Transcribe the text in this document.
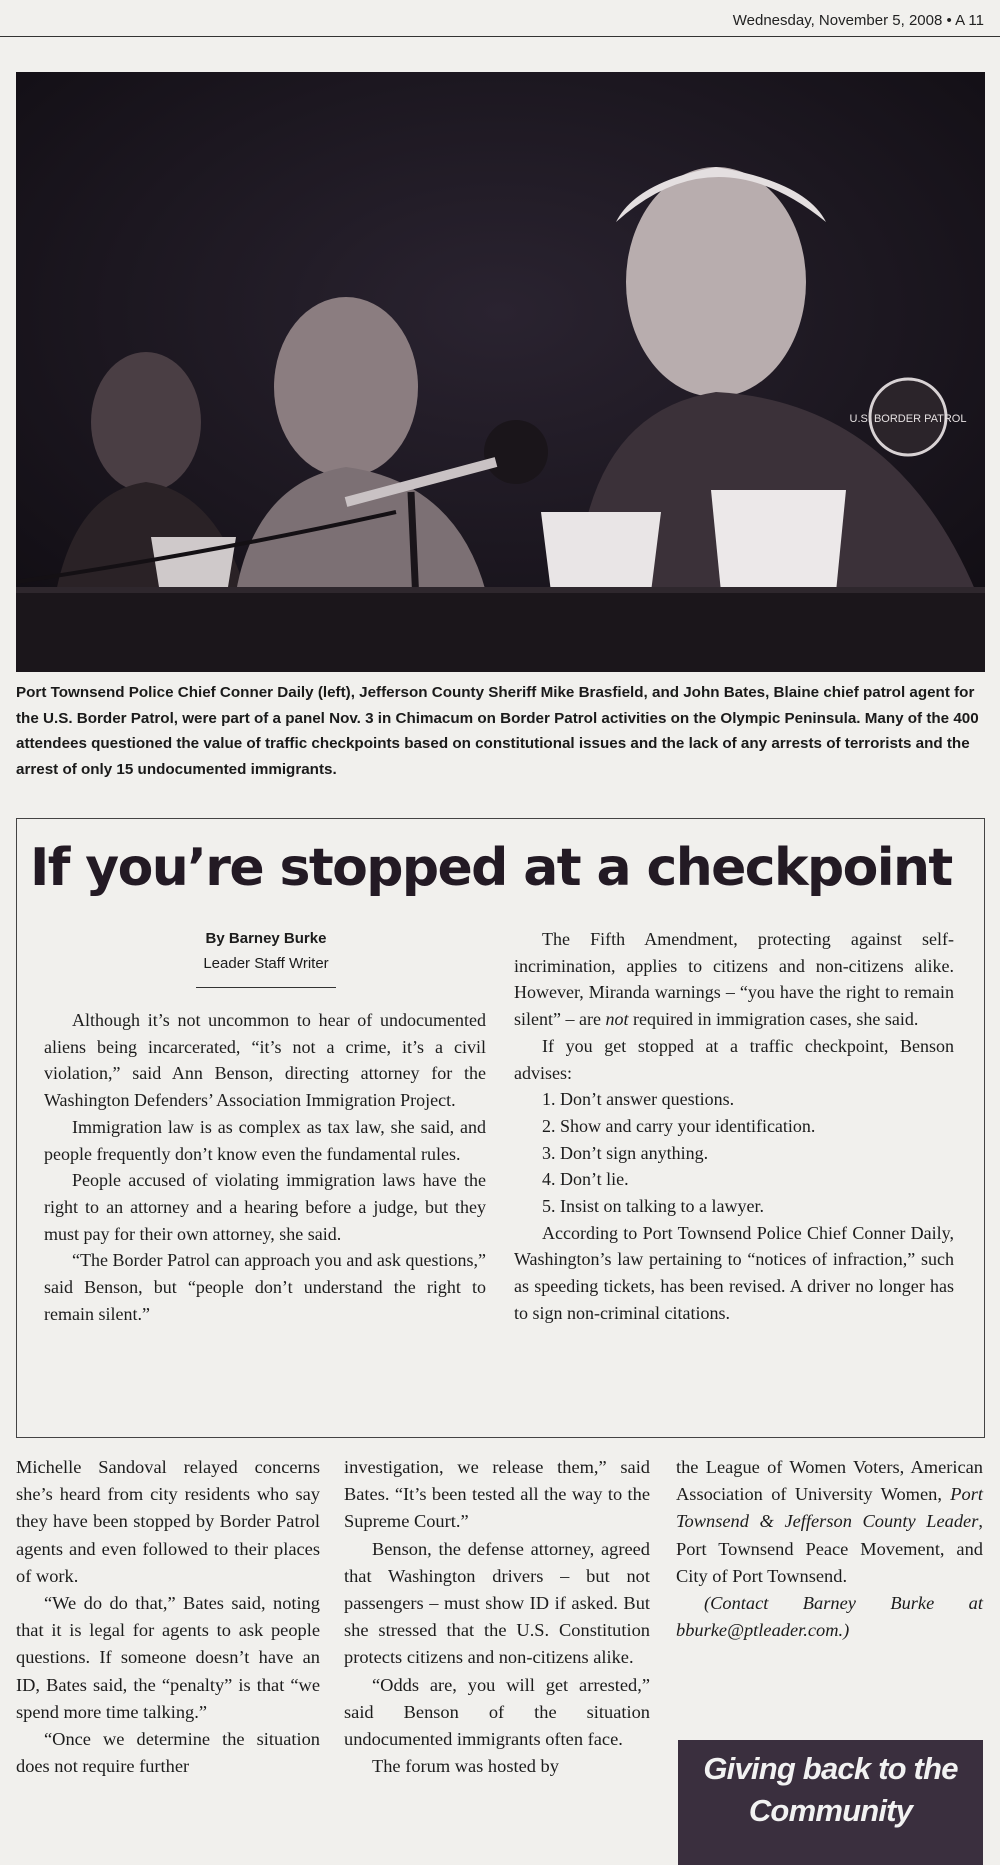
Wednesday, November 5, 2008 • A 11
U.S. BORDER PATROL
Port Townsend Police Chief Conner Daily (left), Jefferson County Sheriff Mike Brasfield, and John Bates, Blaine chief patrol agent for the U.S. Border Patrol, were part of a panel Nov. 3 in Chimacum on Border Patrol activities on the Olympic Peninsula. Many of the 400 attendees questioned the value of traffic checkpoints based on constitutional issues and the lack of any arrests of terrorists and the arrest of only 15 undocumented immigrants.
If you’re stopped at a checkpoint
By Barney Burke
Leader Staff Writer

Although it’s not uncommon to hear of undocumented aliens being incarcerated, “it’s not a crime, it’s a civil violation,” said Ann Benson, directing attorney for the Washington Defenders’ Association Immigration Project.

Immigration law is as complex as tax law, she said, and people frequently don’t know even the fundamental rules.

People accused of violating immigration laws have the right to an attorney and a hearing before a judge, but they must pay for their own attorney, she said.

“The Border Patrol can approach you and ask questions,” said Benson, but “people don’t understand the right to remain silent.”

The Fifth Amendment, protecting against self-incrimination, applies to citizens and non-citizens alike. However, Miranda warnings – “you have the right to remain silent” – are not required in immigration cases, she said.

If you get stopped at a traffic checkpoint, Benson advises:

1. Don’t answer questions.
2. Show and carry your identification.
3. Don’t sign anything.
4. Don’t lie.
5. Insist on talking to a lawyer.

According to Port Townsend Police Chief Conner Daily, Washington’s law pertaining to “notices of infraction,” such as speeding tickets, has been revised. A driver no longer has to sign non-criminal citations.

Michelle Sandoval relayed concerns she’s heard from city residents who say they have been stopped by Border Patrol agents and even followed to their places of work.

“We do do that,” Bates said, noting that it is legal for agents to ask people questions. If someone doesn’t have an ID, Bates said, the “penalty” is that “we spend more time talking.”

“Once we determine the situation does not require further

investigation, we release them,” said Bates. “It’s been tested all the way to the Supreme Court.”

Benson, the defense attorney, agreed that Washington drivers – but not passengers – must show ID if asked. But she stressed that the U.S. Constitution protects citizens and non-citizens alike.

“Odds are, you will get arrested,” said Benson of the situation undocumented immigrants often face.

The forum was hosted by

the League of Women Voters, American Association of University Women, Port Townsend & Jefferson County Leader, Port Townsend Peace Movement, and City of Port Townsend.

(Contact Barney Burke at bburke@ptleader.com.)

Giving back to the
Community
